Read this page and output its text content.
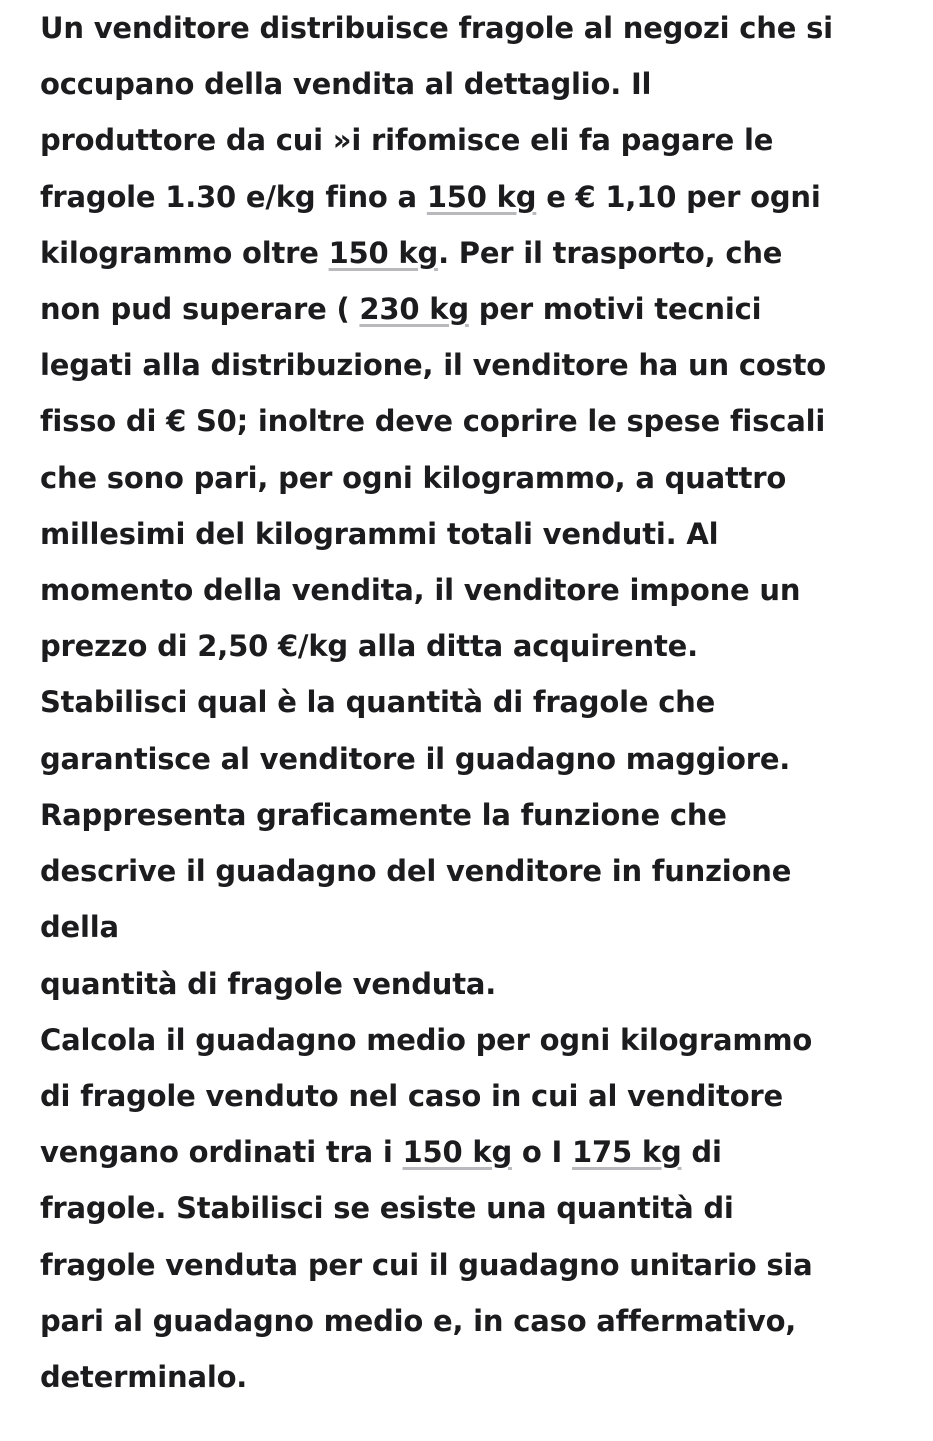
Un venditore distribuisce fragole al negozi che si
occupano della vendita al dettaglio. Il
produttore da cui »i rifomisce eli fa pagare le
fragole 1.30 e/kg fino a 150 kg e € 1,10 per ogni
kilogrammo oltre 150 kg. Per il trasporto, che
non pud superare ( 230 kg per motivi tecnici
legati alla distribuzione, il venditore ha un costo
fisso di € S0; inoltre deve coprire le spese fiscali
che sono pari, per ogni kilogrammo, a quattro
millesimi del kilogrammi totali venduti. Al
momento della vendita, il venditore impone un
prezzo di 2,50 €/kg alla ditta acquirente.
Stabilisci qual è la quantità di fragole che
garantisce al venditore il guadagno maggiore.
Rappresenta graficamente la funzione che
descrive il guadagno del venditore in funzione
della
quantità di fragole venduta.
Calcola il guadagno medio per ogni kilogrammo
di fragole venduto nel caso in cui al venditore
vengano ordinati tra i 150 kg o I 175 kg di
fragole. Stabilisci se esiste una quantità di
fragole venduta per cui il guadagno unitario sia
pari al guadagno medio e, in caso affermativo,
determinalo.
